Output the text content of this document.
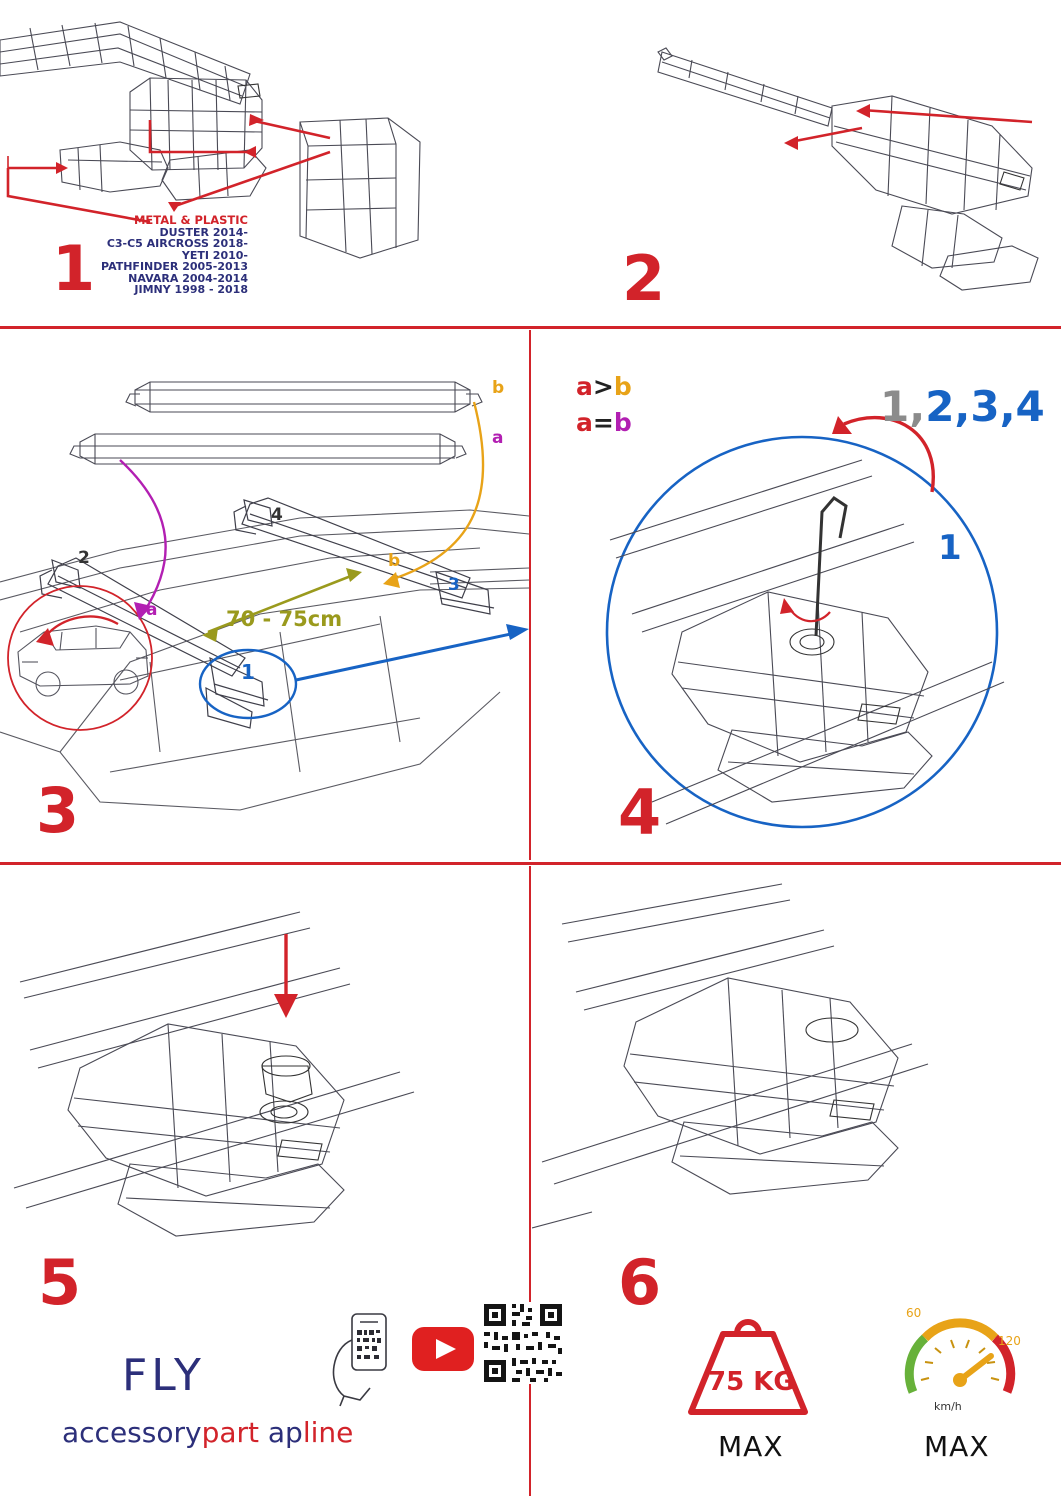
METAL & PLASTIC
DUSTER 2014-
C3-C5 AIRCROSS 2018-
YETI 2010-
PATHFINDER 2005-2013
NAVARA 2004-2014
JIMNY 1998 - 2018
1	2
b
a
a
b
2
3
4
1
70 - 75cm
a>b
a=b
3
1,2,3,4
1
4
5	6
FLY
accessorypart apline
75 KG
MAX
60
120
km/h
MAX
